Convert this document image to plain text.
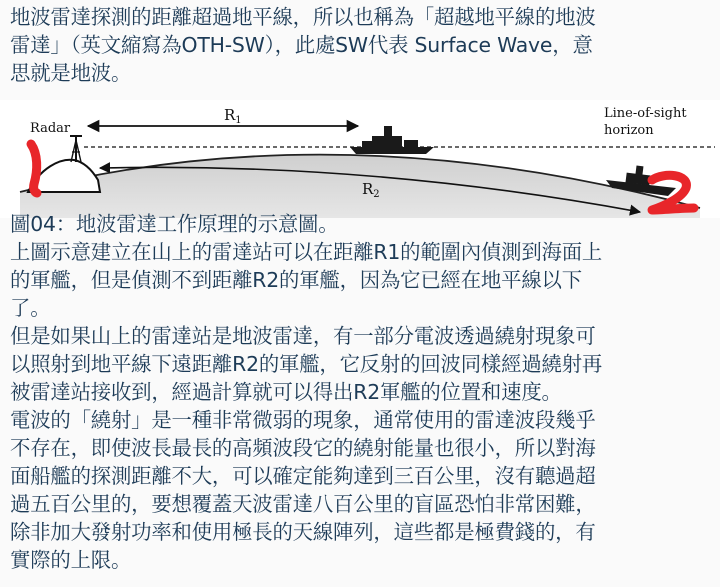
地波雷達探測的距離超過地平線，所以也稱為「超越地平線的地波
雷達」（英文縮寫為OTH-SW），此處SW代表 Surface Wave，意
思就是地波。
$R_1$
$R_2$
Radar
Line-of-sight
horizon
圖04：地波雷達工作原理的示意圖。
上圖示意建立在山上的雷達站可以在距離R1的範圍內偵測到海面上
的軍艦，但是偵測不到距離R2的軍艦，因為它已經在地平線以下
了。
但是如果山上的雷達站是地波雷達，有一部分電波透過繞射現象可
以照射到地平線下遠距離R2的軍艦，它反射的回波同樣經過繞射再
被雷達站接收到，經過計算就可以得出R2軍艦的位置和速度。
電波的「繞射」是一種非常微弱的現象，通常使用的雷達波段幾乎
不存在，即使波長最長的高頻波段它的繞射能量也很小，所以對海
面船艦的探測距離不大，可以確定能夠達到三百公里，沒有聽過超
過五百公里的，要想覆蓋天波雷達八百公里的盲區恐怕非常困難，
除非加大發射功率和使用極長的天線陣列，這些都是極費錢的，有
實際的上限。
